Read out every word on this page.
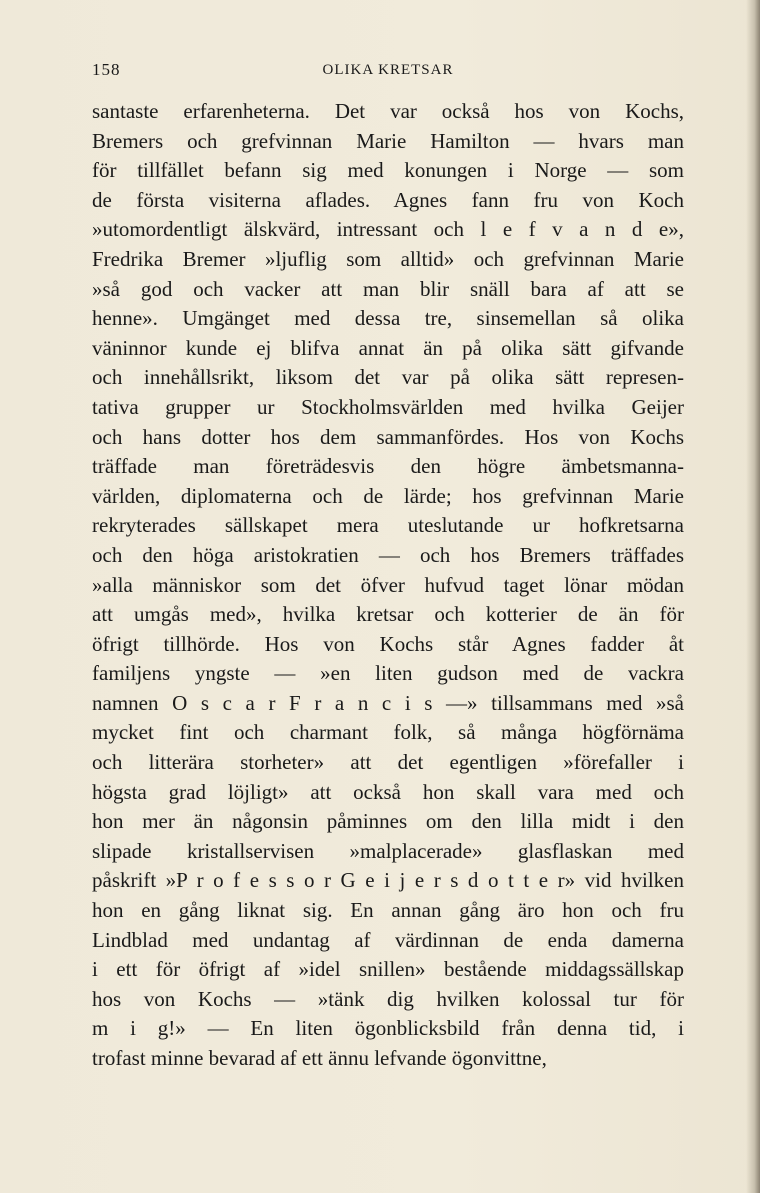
158	OLIKA KRETSAR
santaste erfarenheterna. Det var också hos von Kochs,
Bremers och grefvinnan Marie Hamilton — hvars man
för tillfället befann sig med konungen i Norge — som
de första visiterna aflades. Agnes fann fru von Koch
»utomordentligt älskvärd, intressant och l e f v a n d e»,
Fredrika Bremer »ljuflig som alltid» och grefvinnan Marie
»så god och vacker att man blir snäll bara af att se
henne». Umgänget med dessa tre, sinsemellan så olika
väninnor kunde ej blifva annat än på olika sätt gifvande
och innehållsrikt, liksom det var på olika sätt represen-
tativa grupper ur Stockholmsvärlden med hvilka Geijer
och hans dotter hos dem sammanfördes. Hos von Kochs
träffade man företrädesvis den högre ämbetsmanna-
världen, diplomaterna och de lärde; hos grefvinnan Marie
rekryterades sällskapet mera uteslutande ur hofkretsarna
och den höga aristokratien — och hos Bremers träffades
»alla människor som det öfver hufvud taget lönar mödan
att umgås med», hvilka kretsar och kotterier de än för
öfrigt tillhörde. Hos von Kochs står Agnes fadder åt
familjens yngste — »en liten gudson med de vackra
namnen O s c a r F r a n c i s —» tillsammans med »så
mycket fint och charmant folk, så många högförnäma
och litterära storheter» att det egentligen »förefaller i
högsta grad löjligt» att också hon skall vara med och
hon mer än någonsin påminnes om den lilla midt i den
slipade kristallservisen »malplacerade» glasflaskan med
påskrift »P r o f e s s o r G e i j e r s d o t t e r» vid hvilken
hon en gång liknat sig. En annan gång äro hon och fru
Lindblad med undantag af värdinnan de enda damerna
i ett för öfrigt af »idel snillen» bestående middagssällskap
hos von Kochs — »tänk dig hvilken kolossal tur för
m i g!» — En liten ögonblicksbild från denna tid, i
trofast minne bevarad af ett ännu lefvande ögonvittne,
